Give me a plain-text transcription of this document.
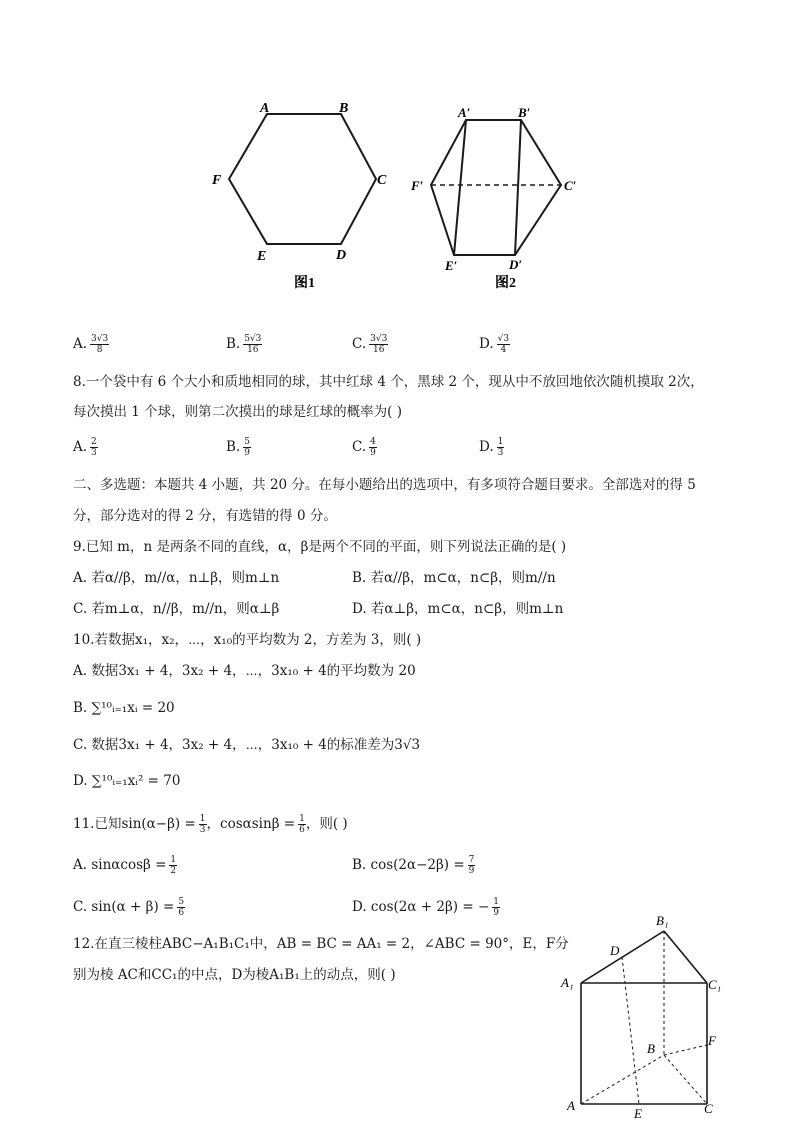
A	B
C
D
E
F
图1
A′	B′
C′
D′
E′
F′
图2
A. $\frac{3√3}{8}$	B. $\frac{5√3}{16}$	C. $\frac{3√3}{16}$	D. $\frac{√3}{4}$
8.一个袋中有 6 个大小和质地相同的球，其中红球 4 个，黑球 2 个，现从中不放回地依次随机摸取 2次，
每次摸出 1 个球，则第二次摸出的球是红球的概率为( )
A. $\frac{2}{3}$	B. $\frac{5}{9}$	C. $\frac{4}{9}$	D. $\frac{1}{3}$
二、多选题：本题共 4 小题，共 20 分。在每小题给出的选项中，有多项符合题目要求。全部选对的得 5
分，部分选对的得 2 分，有选错的得 0 分。
9.已知 m，n 是两条不同的直线，α，β是两个不同的平面，则下列说法正确的是( )
A. 若α//β，m//α，n⊥β，则m⊥n	B. 若α//β，m⊂α，n⊂β，则m//n
C. 若m⊥α，n//β，m//n，则α⊥β	D. 若α⊥β，m⊂α，n⊂β，则m⊥n
10.若数据x₁，x₂，⋯，x₁₀的平均数为 2，方差为 3，则( )
A. 数据3x₁ + 4，3x₂ + 4，⋯，3x₁₀ + 4的平均数为 20
B. ∑¹⁰ᵢ₌₁xᵢ = 20
C. 数据3x₁ + 4，3x₂ + 4，⋯，3x₁₀ + 4的标准差为3√3
D. ∑¹⁰ᵢ₌₁xᵢ² = 70
11.已知$\sin(\alpha-\beta) = \frac{1}{3}$ ，$\cos\alpha\sin\beta = \frac{1}{6}$ ，则( )
A. $\sin\alpha\cos\beta = \frac{1}{2}$	B. $\cos(2\alpha-2\beta) = \frac{7}{9}$
C. $\sin(\alpha + \beta) = \frac{5}{6}$	D. cos(2α + 2β) = − $\frac{1}{9}$
12.在直三棱柱ABC−A₁B₁C₁中，AB = BC = AA₁ = 2，∠ABC = 90°，E，F分
别为棱 AC和CC₁的中点，D为棱A₁B₁上的动点，则( )
B₁
D
A₁	C₁
F
B
A
E	C
